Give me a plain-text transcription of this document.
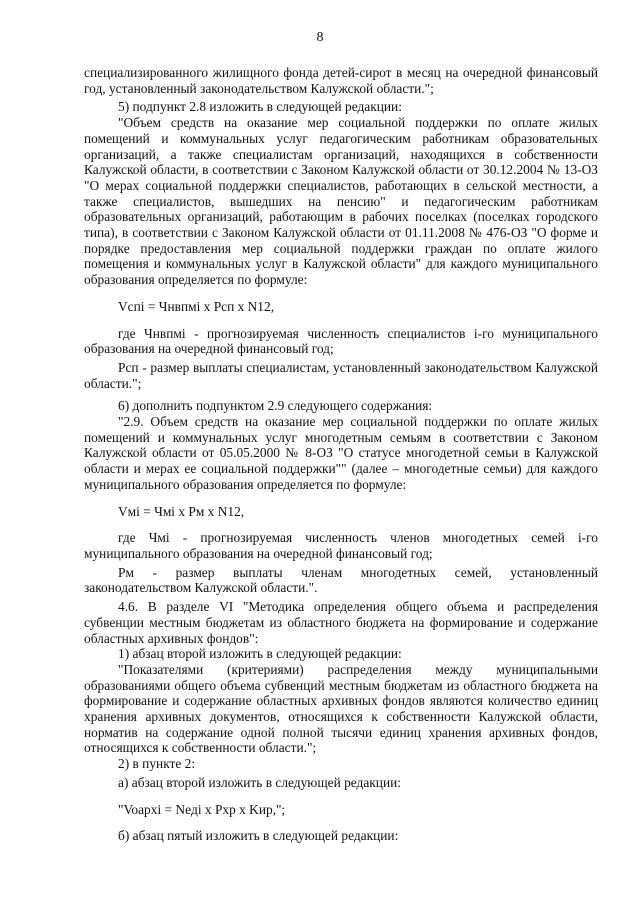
8
специализированного жилищного фонда детей-сирот в месяц на очередной финансовый год, установленный законодательством Калужской области.";
5) подпункт 2.8 изложить в следующей редакции:
"Объем средств на оказание мер социальной поддержки по оплате жилых помещений и коммунальных услуг педагогическим работникам образовательных организаций, а также специалистам организаций, находящихся в собственности Калужской области, в соответствии с Законом Калужской области от 30.12.2004 № 13-ОЗ "О мерах социальной поддержки специалистов, работающих в сельской местности, а также специалистов, вышедших на пенсию" и педагогическим работникам образовательных организаций, работающим в рабочих поселках (поселках городского типа), в соответствии с Законом Калужской области от 01.11.2008 № 476-ОЗ "О форме и порядке предоставления мер социальной поддержки граждан по оплате жилого помещения и коммунальных услуг в Калужской области" для каждого муниципального образования определяется по формуле:
Vcпi = Чнвпмi х Рсп х N12,
где Чнвпмi - прогнозируемая численность специалистов i-го муниципального образования на очередной финансовый год;
Рсп - размер выплаты специалистам, установленный законодательством Калужской области.";
6) дополнить подпунктом 2.9 следующего содержания:
"2.9. Объем средств на оказание мер социальной поддержки по оплате жилых помещений и коммунальных услуг многодетным семьям в соответствии с Законом Калужской области от 05.05.2000 № 8-ОЗ "О статусе многодетной семьи в Калужской области и мерах ее социальной поддержки"" (далее – многодетные семьи) для каждого муниципального образования определяется по формуле:
Vмi = Чмi х Рм х N12,
где Чмi - прогнозируемая численность членов многодетных семей i-го муниципального образования на очередной финансовый год;
Рм - размер выплаты членам многодетных семей, установленный законодательством Калужской области.".
4.6. В разделе VI "Методика определения общего объема и распределения субвенции местным бюджетам из областного бюджета на формирование и содержание областных архивных фондов":
1) абзац второй изложить в следующей редакции:
"Показателями (критериями) распределения между муниципальными образованиями общего объема субвенций местным бюджетам из областного бюджета на формирование и содержание областных архивных фондов являются количество единиц хранения архивных документов, относящихся к собственности Калужской области, норматив на содержание одной полной тысячи единиц хранения архивных фондов, относящихся к собственности области.";
2) в пункте 2:
а) абзац второй изложить в следующей редакции:
"Voapxi = Neдi х Pxp х Kиp,";
б) абзац пятый изложить в следующей редакции:
